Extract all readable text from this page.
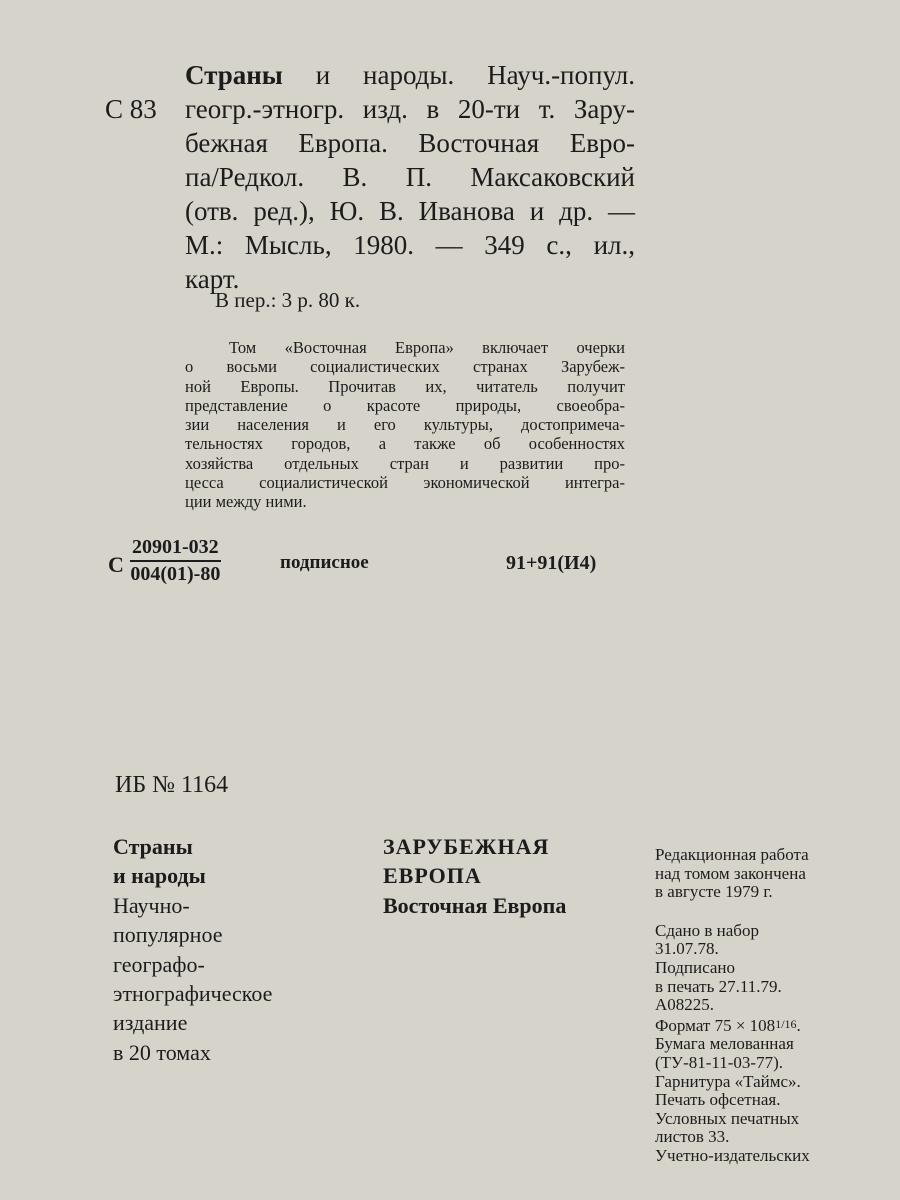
С 83
Страны и народы. Науч.-попул.
геогр.-этногр. изд. в 20-ти т. Зару-
бежная Европа. Восточная Евро-
па/Редкол. В. П. Максаковский
(отв. ред.), Ю. В. Иванова и др. —
М.: Мысль, 1980. — 349 с., ил.,
карт.
В пер.: 3 р. 80 к.
Том «Восточная Европа» включает очерки
о восьми социалистических странах Зарубеж-
ной Европы. Прочитав их, читатель получит
представление о красоте природы, своеобра-
зии населения и его культуры, достопримеча-
тельностях городов, а также об особенностях
хозяйства отдельных стран и развитии про-
цесса социалистической экономической интегра-
ции между ними.
С $\frac{20901-032}{004(01)-80}$	подписное	91+91(И4)
ИБ № 1164
Страны
и народы
Научно-
популярное
географо-
этнографическое
издание
в 20 томах
ЗАРУБЕЖНАЯ
ЕВРОПА
Восточная Европа
Редакционная работа
над томом закончена
в августе 1979 г.
Сдано в набор
31.07.78.
Подписано
в печать 27.11.79.
А08225.
Формат 75 × 1081/16.
Бумага мелованная
(ТУ-81-11-03-77).
Гарнитура «Таймс».
Печать офсетная.
Условных печатных
листов 33.
Учетно-издательских
